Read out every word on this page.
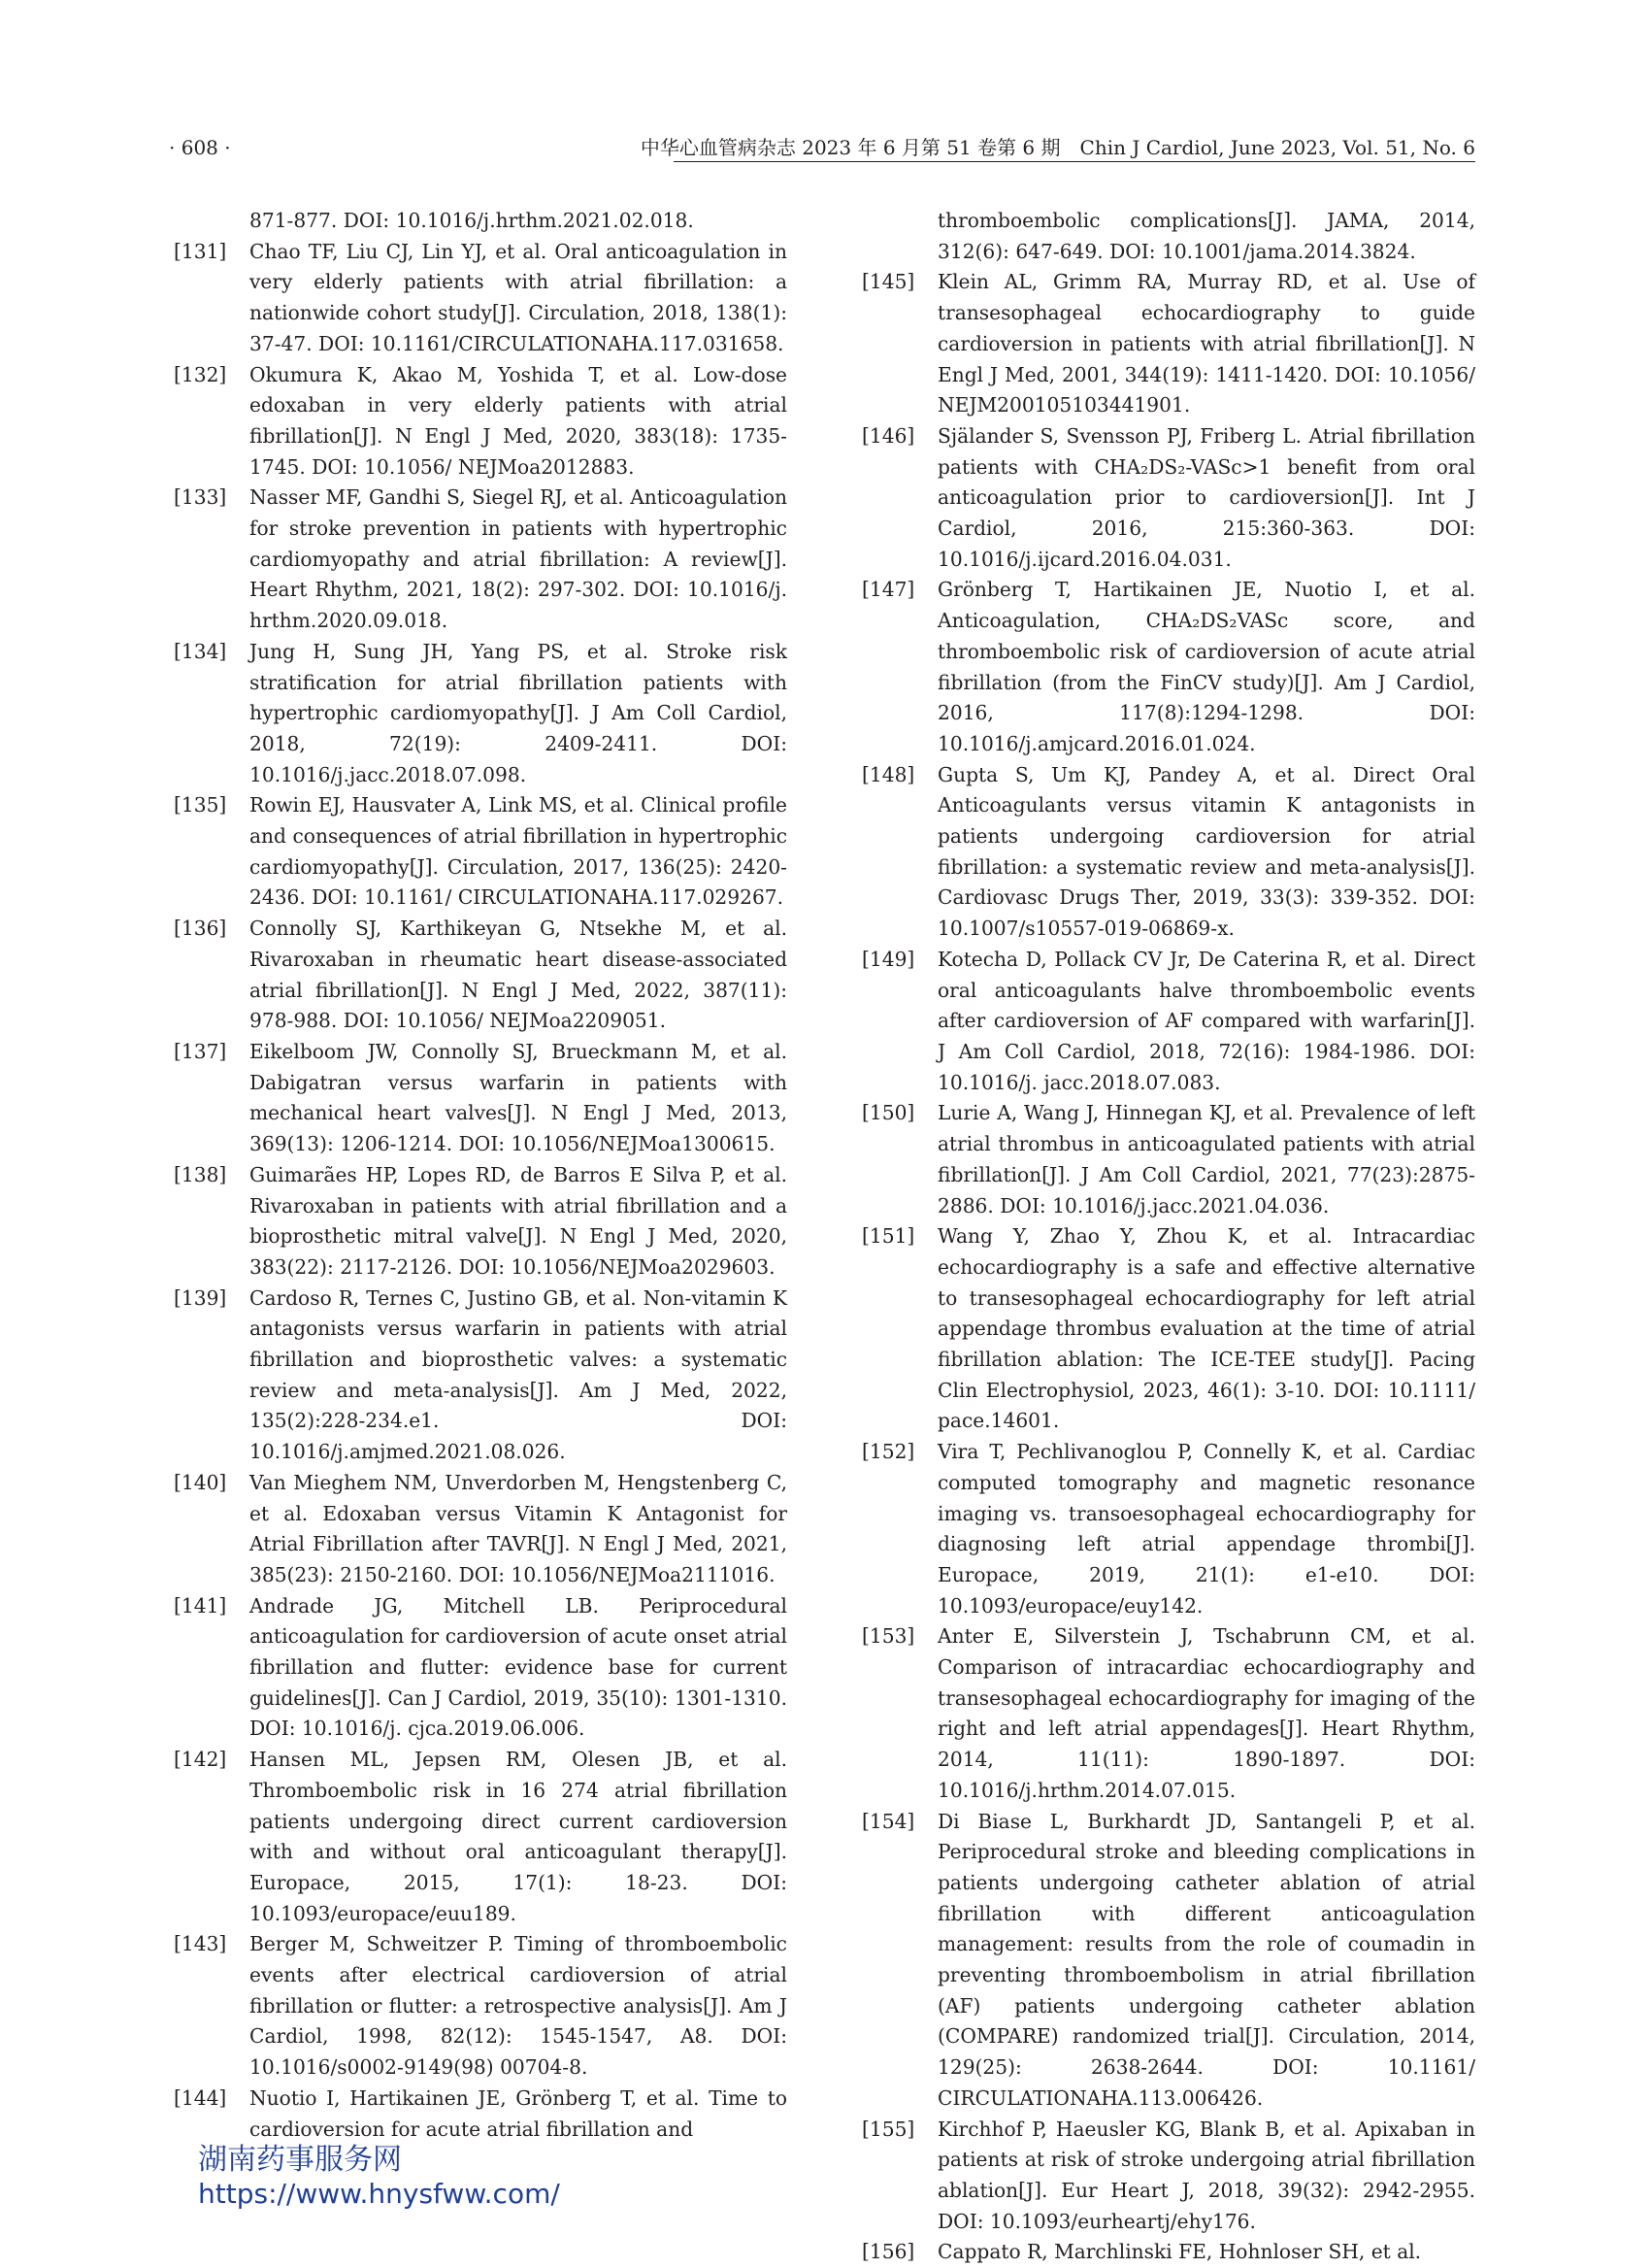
· 608 ·	中华心血管病杂志 2023 年 6 月第 51 卷第 6 期　Chin J Cardiol, June 2023, Vol. 51, No. 6
871-877. DOI: 10.1016/j.hrthm.2021.02.018.
[131]	Chao TF, Liu CJ, Lin YJ, et al. Oral anticoagulation in very elderly patients with atrial fibrillation: a nationwide cohort study[J]. Circulation, 2018, 138(1): 37-47. DOI: 10.1161/CIRCULATIONAHA.117.031658.
[132]	Okumura K, Akao M, Yoshida T, et al. Low-dose edoxaban in very elderly patients with atrial fibrillation[J]. N Engl J Med, 2020, 383(18): 1735-1745. DOI: 10.1056/ NEJMoa2012883.
[133]	Nasser MF, Gandhi S, Siegel RJ, et al. Anticoagulation for stroke prevention in patients with hypertrophic cardiomyopathy and atrial fibrillation: A review[J]. Heart Rhythm, 2021, 18(2): 297-302. DOI: 10.1016/j. hrthm.2020.09.018.
[134]	Jung H, Sung JH, Yang PS, et al. Stroke risk stratification for atrial fibrillation patients with hypertrophic cardiomyopathy[J]. J Am Coll Cardiol, 2018, 72(19): 2409-2411. DOI: 10.1016/j.jacc.2018.07.098.
[135]	Rowin EJ, Hausvater A, Link MS, et al. Clinical profile and consequences of atrial fibrillation in hypertrophic cardiomyopathy[J]. Circulation, 2017, 136(25): 2420-2436. DOI: 10.1161/ CIRCULATIONAHA.117.029267.
[136]	Connolly SJ, Karthikeyan G, Ntsekhe M, et al. Rivaroxaban in rheumatic heart disease-associated atrial fibrillation[J]. N Engl J Med, 2022, 387(11): 978-988. DOI: 10.1056/ NEJMoa2209051.
[137]	Eikelboom JW, Connolly SJ, Brueckmann M, et al. Dabigatran versus warfarin in patients with mechanical heart valves[J]. N Engl J Med, 2013, 369(13): 1206-1214. DOI: 10.1056/NEJMoa1300615.
[138]	Guimarães HP, Lopes RD, de Barros E Silva P, et al. Rivaroxaban in patients with atrial fibrillation and a bioprosthetic mitral valve[J]. N Engl J Med, 2020, 383(22): 2117-2126. DOI: 10.1056/NEJMoa2029603.
[139]	Cardoso R, Ternes C, Justino GB, et al. Non-vitamin K antagonists versus warfarin in patients with atrial fibrillation and bioprosthetic valves: a systematic review and meta-analysis[J]. Am J Med, 2022, 135(2):228-234.e1. DOI: 10.1016/j.amjmed.2021.08.026.
[140]	Van Mieghem NM, Unverdorben M, Hengstenberg C, et al. Edoxaban versus Vitamin K Antagonist for Atrial Fibrillation after TAVR[J]. N Engl J Med, 2021, 385(23): 2150-2160. DOI: 10.1056/NEJMoa2111016.
[141]	Andrade JG, Mitchell LB. Periprocedural anticoagulation for cardioversion of acute onset atrial fibrillation and flutter: evidence base for current guidelines[J]. Can J Cardiol, 2019, 35(10): 1301-1310. DOI: 10.1016/j. cjca.2019.06.006.
[142]	Hansen ML, Jepsen RM, Olesen JB, et al. Thromboembolic risk in 16 274 atrial fibrillation patients undergoing direct current cardioversion with and without oral anticoagulant therapy[J]. Europace, 2015, 17(1): 18-23. DOI: 10.1093/europace/euu189.
[143]	Berger M, Schweitzer P. Timing of thromboembolic events after electrical cardioversion of atrial fibrillation or flutter: a retrospective analysis[J]. Am J Cardiol, 1998, 82(12): 1545-1547, A8. DOI: 10.1016/s0002-9149(98) 00704-8.
[144]	Nuotio I, Hartikainen JE, Grönberg T, et al. Time to cardioversion for acute atrial fibrillation and
thromboembolic complications[J]. JAMA, 2014, 312(6): 647-649. DOI: 10.1001/jama.2014.3824.
[145]	Klein AL, Grimm RA, Murray RD, et al. Use of transesophageal echocardiography to guide cardioversion in patients with atrial fibrillation[J]. N Engl J Med, 2001, 344(19): 1411-1420. DOI: 10.1056/ NEJM200105103441901.
[146]	Själander S, Svensson PJ, Friberg L. Atrial fibrillation patients with CHA₂DS₂-VASc>1 benefit from oral anticoagulation prior to cardioversion[J]. Int J Cardiol, 2016, 215:360-363. DOI: 10.1016/j.ijcard.2016.04.031.
[147]	Grönberg T, Hartikainen JE, Nuotio I, et al. Anticoagulation, CHA₂DS₂VASc score, and thromboembolic risk of cardioversion of acute atrial fibrillation (from the FinCV study)[J]. Am J Cardiol, 2016, 117(8):1294-1298. DOI: 10.1016/j.amjcard.2016.01.024.
[148]	Gupta S, Um KJ, Pandey A, et al. Direct Oral Anticoagulants versus vitamin K antagonists in patients undergoing cardioversion for atrial fibrillation: a systematic review and meta-analysis[J]. Cardiovasc Drugs Ther, 2019, 33(3): 339-352. DOI: 10.1007/s10557-019-06869-x.
[149]	Kotecha D, Pollack CV Jr, De Caterina R, et al. Direct oral anticoagulants halve thromboembolic events after cardioversion of AF compared with warfarin[J]. J Am Coll Cardiol, 2018, 72(16): 1984-1986. DOI: 10.1016/j. jacc.2018.07.083.
[150]	Lurie A, Wang J, Hinnegan KJ, et al. Prevalence of left atrial thrombus in anticoagulated patients with atrial fibrillation[J]. J Am Coll Cardiol, 2021, 77(23):2875-2886. DOI: 10.1016/j.jacc.2021.04.036.
[151]	Wang Y, Zhao Y, Zhou K, et al. Intracardiac echocardiography is a safe and effective alternative to transesophageal echocardiography for left atrial appendage thrombus evaluation at the time of atrial fibrillation ablation: The ICE-TEE study[J]. Pacing Clin Electrophysiol, 2023, 46(1): 3-10. DOI: 10.1111/ pace.14601.
[152]	Vira T, Pechlivanoglou P, Connelly K, et al. Cardiac computed tomography and magnetic resonance imaging vs. transoesophageal echocardiography for diagnosing left atrial appendage thrombi[J]. Europace, 2019, 21(1): e1-e10. DOI: 10.1093/europace/euy142.
[153]	Anter E, Silverstein J, Tschabrunn CM, et al. Comparison of intracardiac echocardiography and transesophageal echocardiography for imaging of the right and left atrial appendages[J]. Heart Rhythm, 2014, 11(11): 1890-1897. DOI: 10.1016/j.hrthm.2014.07.015.
[154]	Di Biase L, Burkhardt JD, Santangeli P, et al. Periprocedural stroke and bleeding complications in patients undergoing catheter ablation of atrial fibrillation with different anticoagulation management: results from the role of coumadin in preventing thromboembolism in atrial fibrillation (AF) patients undergoing catheter ablation (COMPARE) randomized trial[J]. Circulation, 2014, 129(25): 2638-2644. DOI: 10.1161/ CIRCULATIONAHA.113.006426.
[155]	Kirchhof P, Haeusler KG, Blank B, et al. Apixaban in patients at risk of stroke undergoing atrial fibrillation ablation[J]. Eur Heart J, 2018, 39(32): 2942-2955. DOI: 10.1093/eurheartj/ehy176.
[156]	Cappato R, Marchlinski FE, Hohnloser SH, et al.
湖南药事服务网
https://www.hnysfww.com/
